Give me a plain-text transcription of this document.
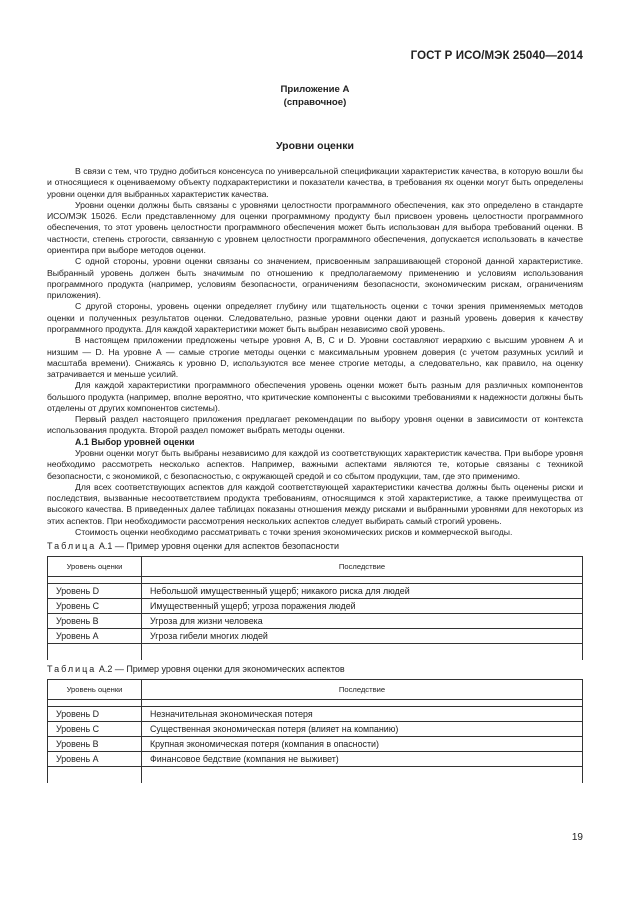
ГОСТ Р ИСО/МЭК 25040—2014

Приложение А
(справочное)

Уровни оценки

В связи с тем, что трудно добиться консенсуса по универсальной спецификации характеристик качества, в которую вошли бы и относящиеся к оцениваемому объекту подхарактеристики и показатели качества, в требования ях оценки могут быть определены уровни оценки для выбранных характеристик качества.

Уровни оценки должны быть связаны с уровнями целостности программного обеспечения, как это определено в стандарте ИСО/МЭК 15026. Если представленному для оценки программному продукту был присвоен уровень целостности программного обеспечения, то этот уровень целостности программного обеспечения может быть использован для выбора требований оценки. В частности, степень строгости, связанную с уровнем целостности программного обеспечения, допускается использовать в качестве ориентира при выборе методов оценки.

С одной стороны, уровни оценки связаны со значением, присвоенным запрашивающей стороной данной характеристике. Выбранный уровень должен быть значимым по отношению к предполагаемому применению и условиям использования программного продукта (например, условиям безопасности, ограничениям безопасности, экономическим рискам, ограничениям приложения).

С другой стороны, уровень оценки определяет глубину или тщательность оценки с точки зрения применяемых методов оценки и полученных результатов оценки. Следовательно, разные уровни оценки дают и разный уровень доверия к качеству программного продукта. Для каждой характеристики может быть выбран независимо свой уровень.

В настоящем приложении предложены четыре уровня А, В, С и D. Уровни составляют иерархию с высшим уровнем А и низшим — D. На уровне А — самые строгие методы оценки с максимальным уровнем доверия (с учетом разумных усилий и масштаба времени). Снижаясь к уровню D, используются все менее строгие методы, а следовательно, как правило, на оценку затрачивается и меньше усилий.

Для каждой характеристики программного обеспечения уровень оценки может быть разным для различных компонентов большого продукта (например, вполне вероятно, что критические компоненты с высокими требованиями к надежности должны быть отделены от других компонентов системы).

Первый раздел настоящего приложения предлагает рекомендации по выбору уровня оценки в зависимости от контекста использования продукта. Второй раздел поможет выбрать методы оценки.

А.1 Выбор уровней оценки

Уровни оценки могут быть выбраны независимо для каждой из соответствующих характеристик качества. При выборе уровня необходимо рассмотреть несколько аспектов. Например, важными аспектами являются те, которые связаны с техникой безопасности, с экономикой, с безопасностью, с окружающей средой и со сбытом продукции, там, где это применимо.

Для всех соответствующих аспектов для каждой соответствующей характеристики качества должны быть оценены риски и последствия, вызванные несоответствием продукта требованиям, относящимся к этой характеристике, а также преимущества от высокого качества. В приведенных далее таблицах показаны отношения между рисками и выбранными уровнями для некоторых из этих аспектов. При необходимости рассмотрения нескольких аспектов следует выбирать самый строгий уровень.

Стоимость оценки необходимо рассматривать с точки зрения экономических рисков и коммерческой выгоды.

Таблица А.1 — Пример уровня оценки для аспектов безопасности
Уровень оценки	Последствие

Уровень D	Небольшой имущественный ущерб; никакого риска для людей
Уровень C	Имущественный ущерб; угроза поражения людей
Уровень B	Угроза для жизни человека
Уровень A	Угроза гибели многих людей

Таблица А.2 — Пример уровня оценки для экономических аспектов
Уровень оценки	Последствие

Уровень D	Незначительная экономическая потеря
Уровень C	Существенная экономическая потеря (влияет на компанию)
Уровень B	Крупная экономическая потеря (компания в опасности)
Уровень A	Финансовое бедствие (компания не выживет)

19
